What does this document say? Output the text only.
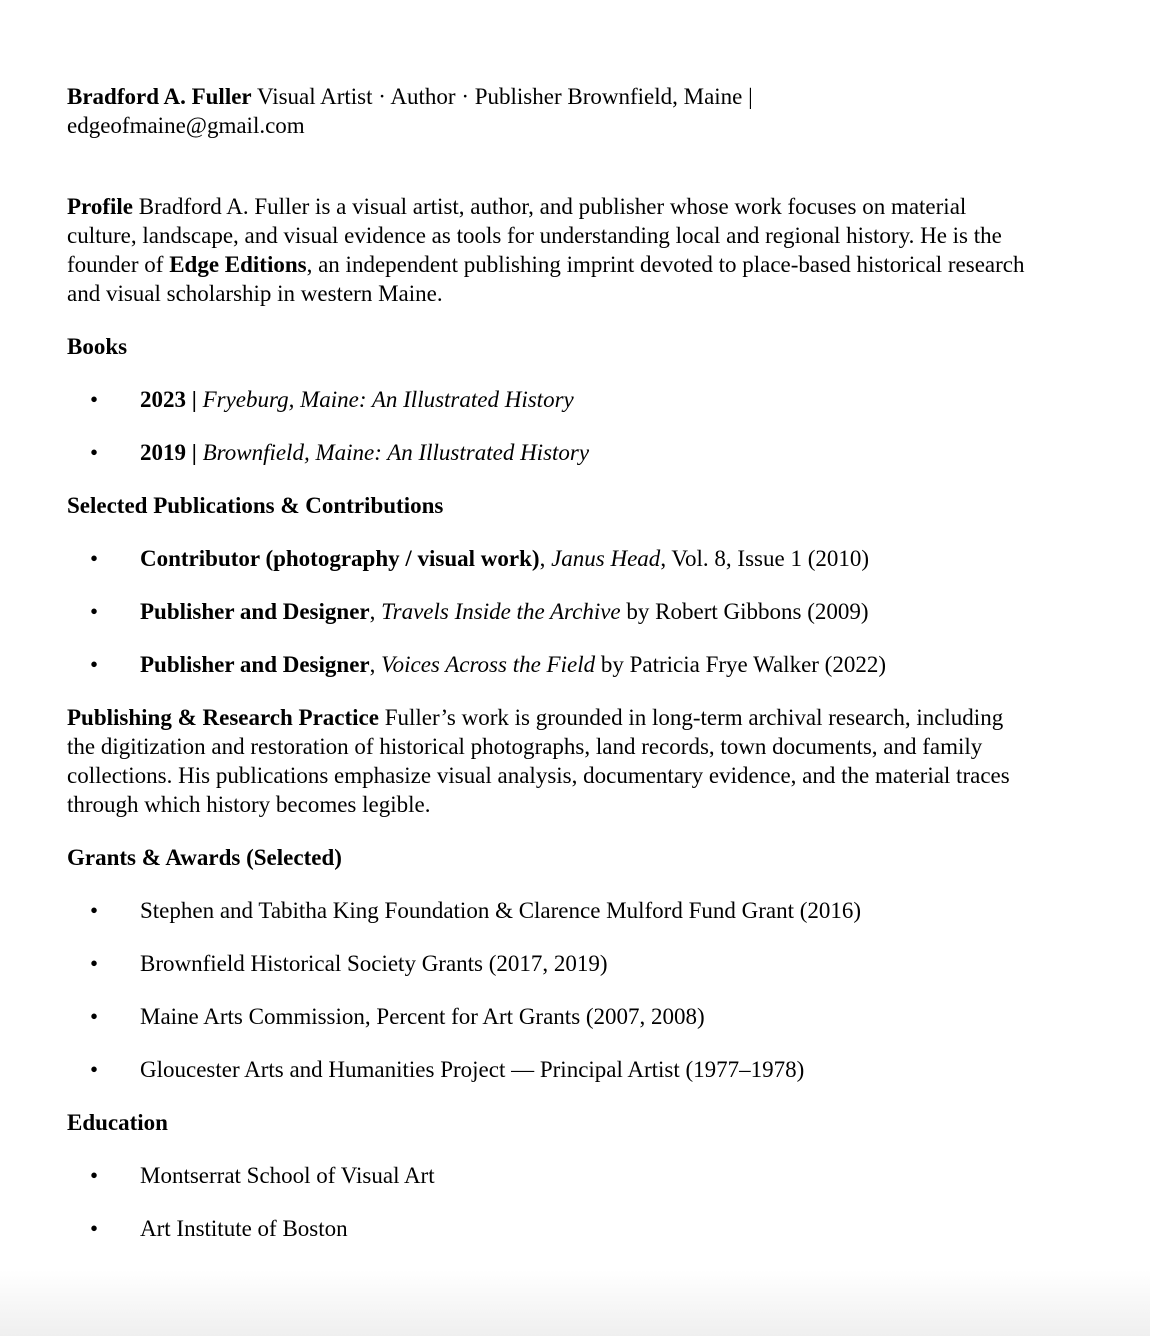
Bradford A. Fuller Visual Artist · Author · Publisher Brownfield, Maine |
edgeofmaine@gmail.com

Profile Bradford A. Fuller is a visual artist, author, and publisher whose work focuses on material culture, landscape, and visual evidence as tools for understanding local and regional history. He is the founder of Edge Editions, an independent publishing imprint devoted to place-based historical research and visual scholarship in western Maine.

Books

• 2023 | Fryeburg, Maine: An Illustrated History
• 2019 | Brownfield, Maine: An Illustrated History

Selected Publications & Contributions

• Contributor (photography / visual work), Janus Head, Vol. 8, Issue 1 (2010)
• Publisher and Designer, Travels Inside the Archive by Robert Gibbons (2009)
• Publisher and Designer, Voices Across the Field by Patricia Frye Walker (2022)

Publishing & Research Practice Fuller’s work is grounded in long-term archival research, including the digitization and restoration of historical photographs, land records, town documents, and family collections. His publications emphasize visual analysis, documentary evidence, and the material traces through which history becomes legible.

Grants & Awards (Selected)

• Stephen and Tabitha King Foundation & Clarence Mulford Fund Grant (2016)
• Brownfield Historical Society Grants (2017, 2019)
• Maine Arts Commission, Percent for Art Grants (2007, 2008)
• Gloucester Arts and Humanities Project — Principal Artist (1977–1978)

Education

• Montserrat School of Visual Art
• Art Institute of Boston
